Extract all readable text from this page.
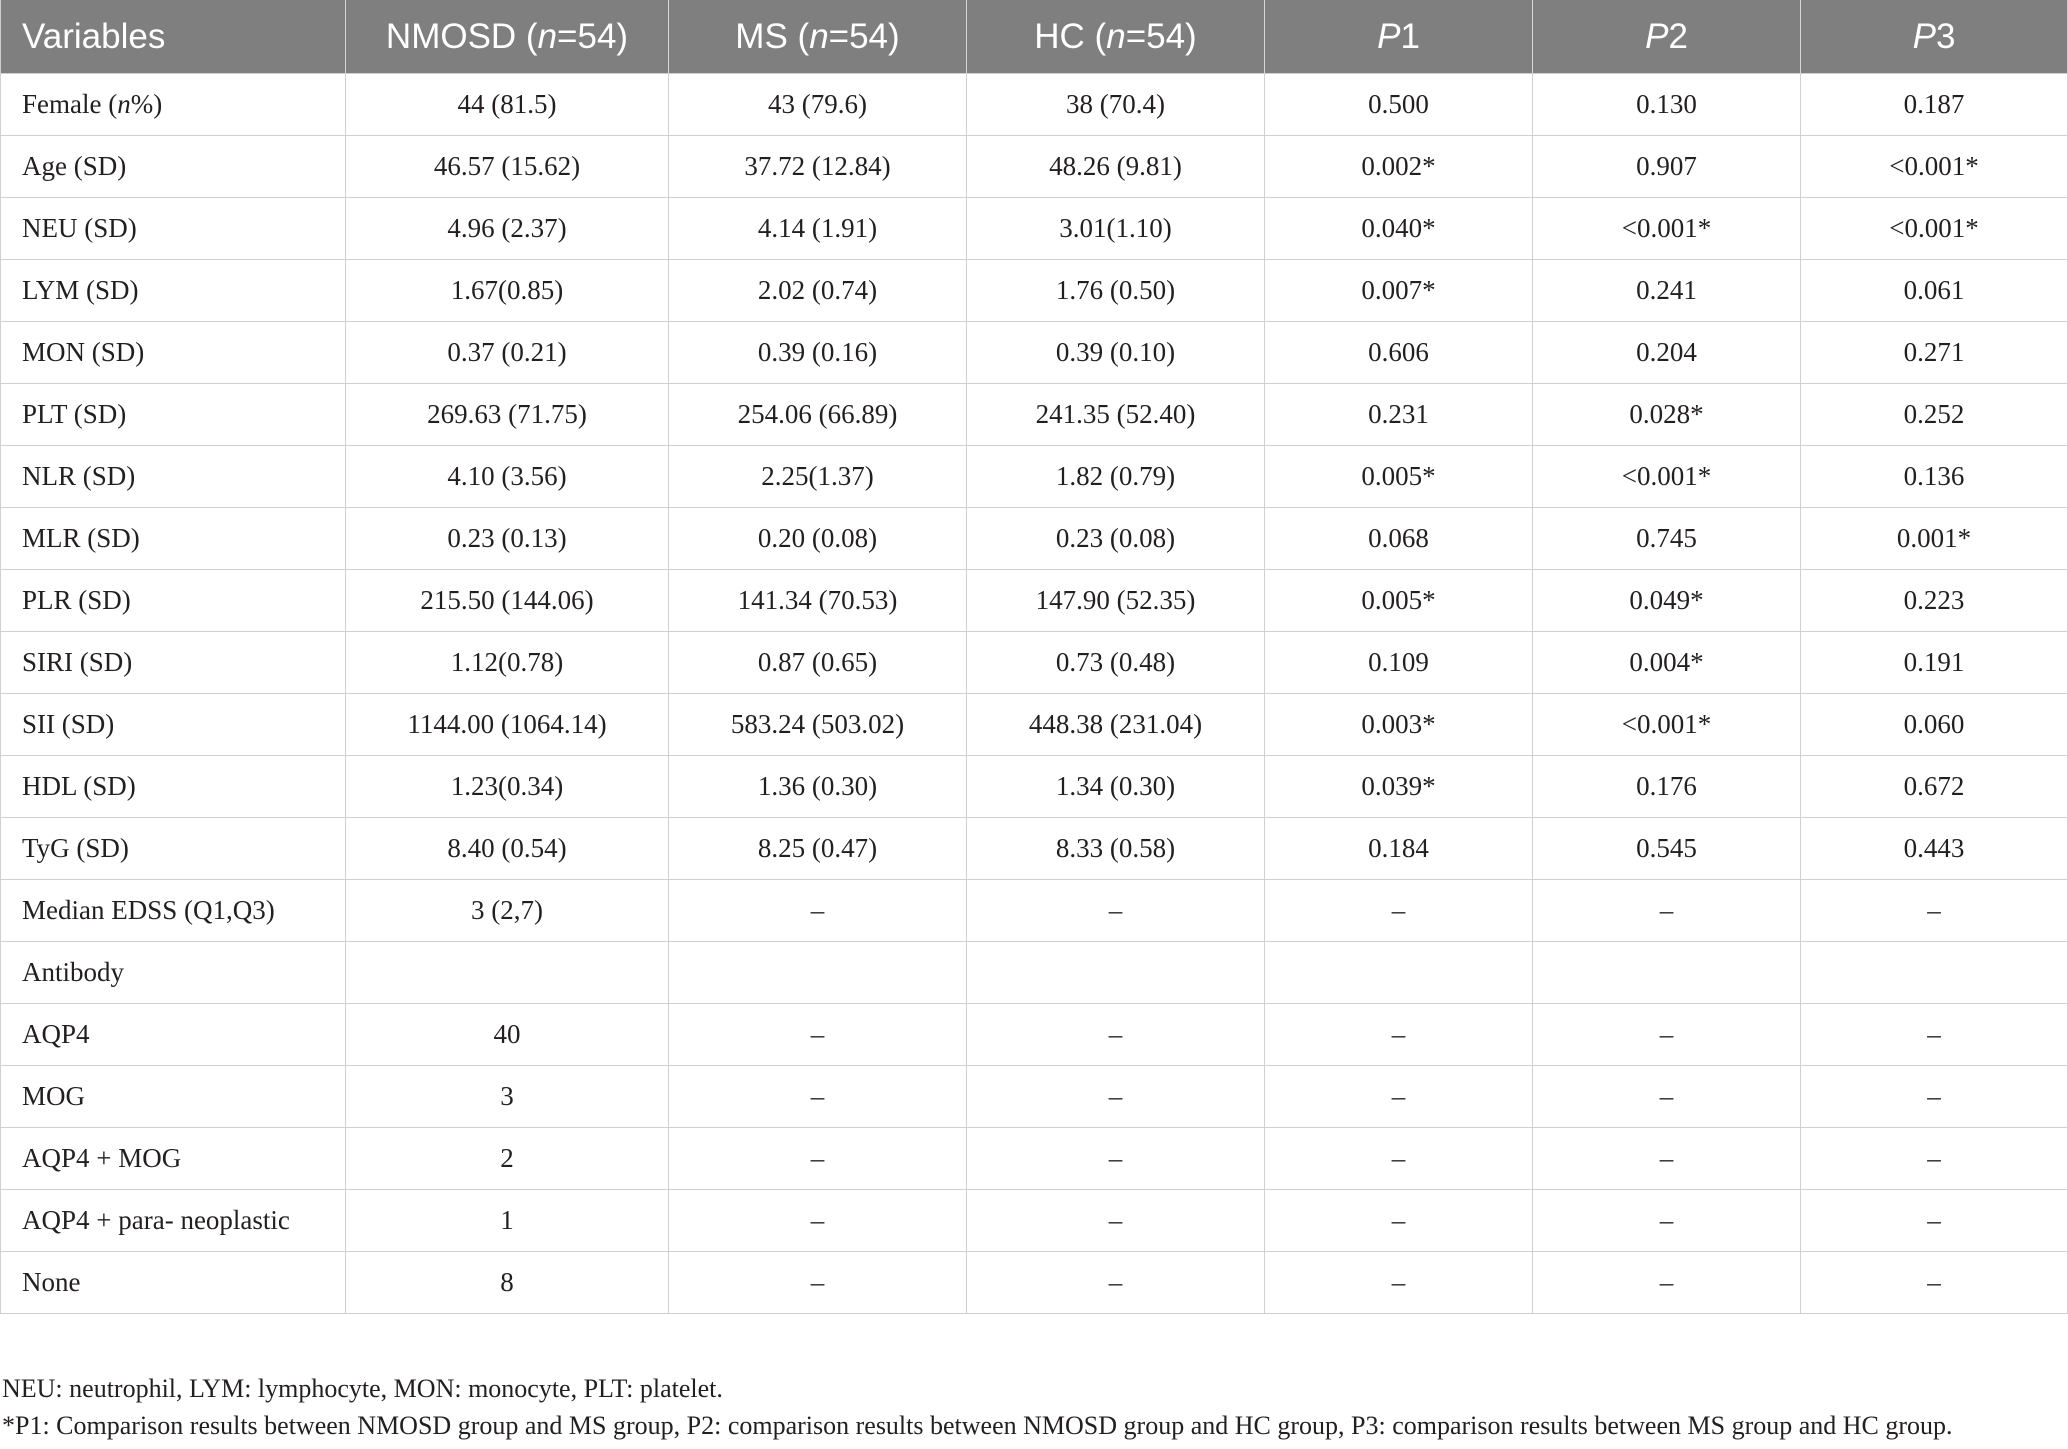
Variables	NMOSD (n=54)	MS (n=54)	HC (n=54)	P1	P2	P3
Female (n%)	44 (81.5)	43 (79.6)	38 (70.4)	0.500	0.130	0.187
Age (SD)	46.57 (15.62)	37.72 (12.84)	48.26 (9.81)	0.002*	0.907	<0.001*
NEU (SD)	4.96 (2.37)	4.14 (1.91)	3.01(1.10)	0.040*	<0.001*	<0.001*
LYM (SD)	1.67(0.85)	2.02 (0.74)	1.76 (0.50)	0.007*	0.241	0.061
MON (SD)	0.37 (0.21)	0.39 (0.16)	0.39 (0.10)	0.606	0.204	0.271
PLT (SD)	269.63 (71.75)	254.06 (66.89)	241.35 (52.40)	0.231	0.028*	0.252
NLR (SD)	4.10 (3.56)	2.25(1.37)	1.82 (0.79)	0.005*	<0.001*	0.136
MLR (SD)	0.23 (0.13)	0.20 (0.08)	0.23 (0.08)	0.068	0.745	0.001*
PLR (SD)	215.50 (144.06)	141.34 (70.53)	147.90 (52.35)	0.005*	0.049*	0.223
SIRI (SD)	1.12(0.78)	0.87 (0.65)	0.73 (0.48)	0.109	0.004*	0.191
SII (SD)	1144.00 (1064.14)	583.24 (503.02)	448.38 (231.04)	0.003*	<0.001*	0.060
HDL (SD)	1.23(0.34)	1.36 (0.30)	1.34 (0.30)	0.039*	0.176	0.672
TyG (SD)	8.40 (0.54)	8.25 (0.47)	8.33 (0.58)	0.184	0.545	0.443
Median EDSS (Q1,Q3)	3 (2,7)	–	–	–	–	–
Antibody						
AQP4	40	–	–	–	–	–
MOG	3	–	–	–	–	–
AQP4 + MOG	2	–	–	–	–	–
AQP4 + para- neoplastic	1	–	–	–	–	–
None	8	–	–	–	–	–
NEU: neutrophil, LYM: lymphocyte, MON: monocyte, PLT: platelet.
*P1: Comparison results between NMOSD group and MS group, P2: comparison results between NMOSD group and HC group, P3: comparison results between MS group and HC group.
